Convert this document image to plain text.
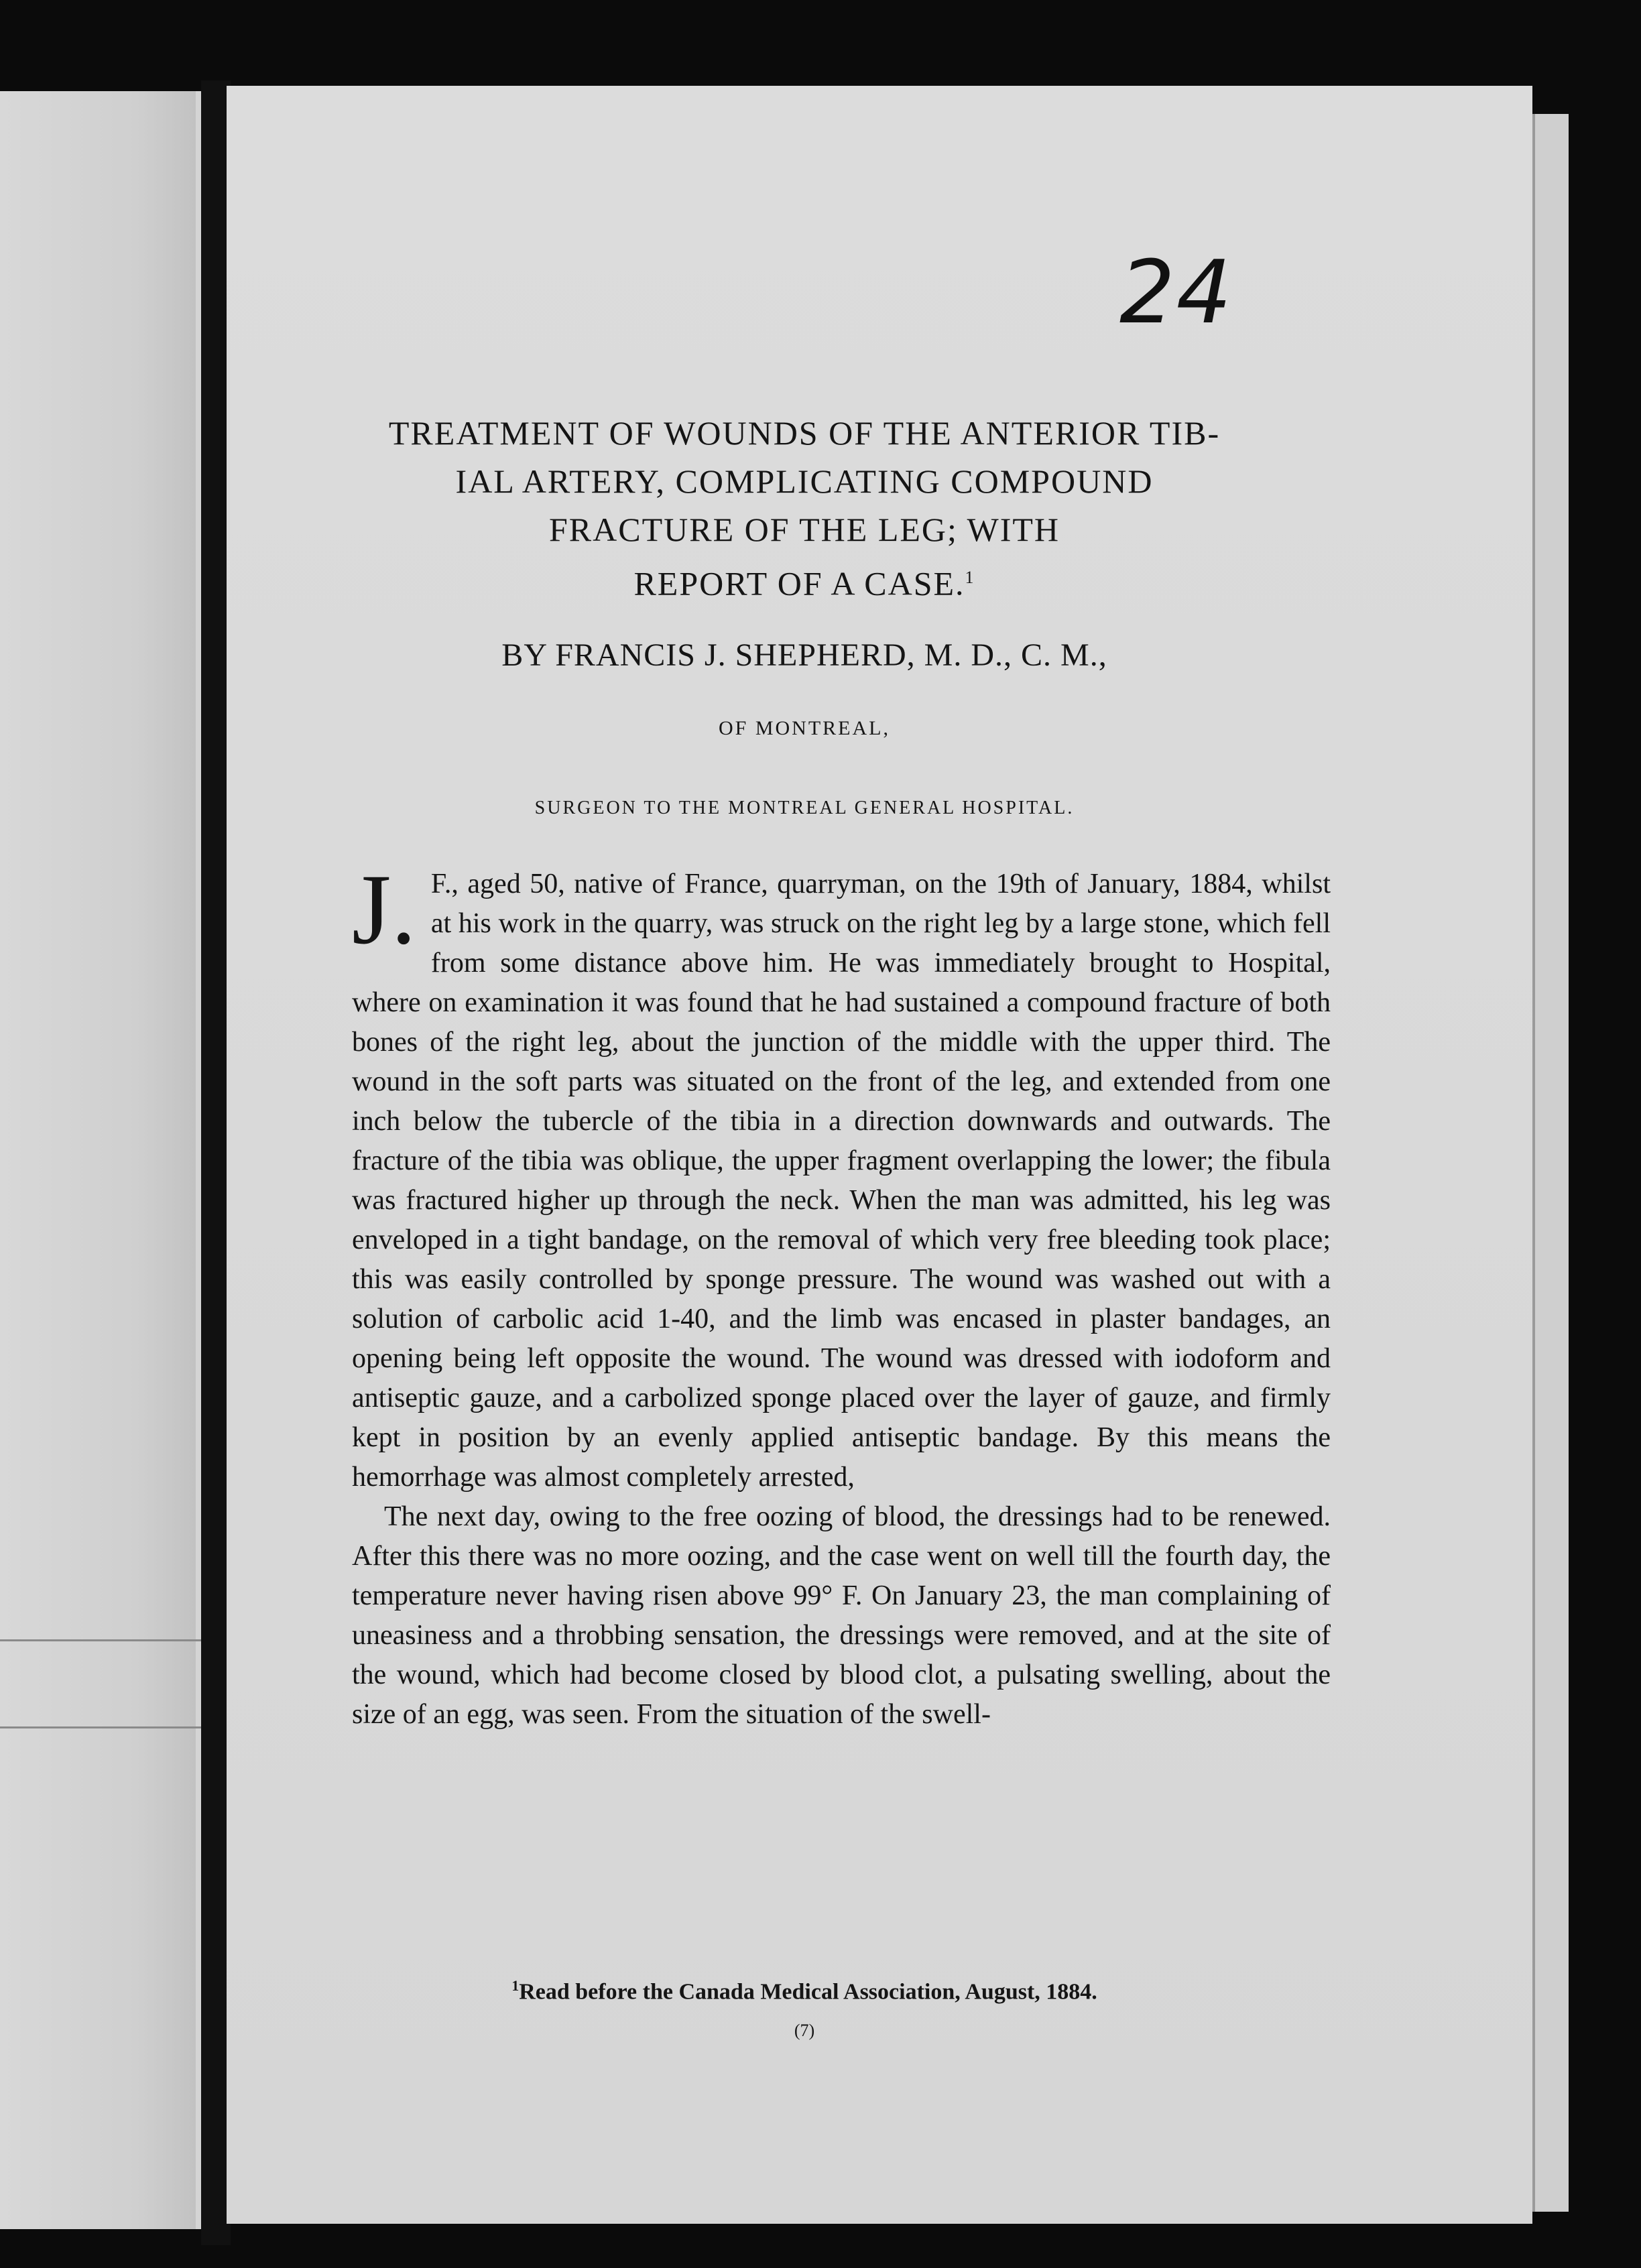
24
TREATMENT OF WOUNDS OF THE ANTERIOR TIB-
IAL ARTERY, COMPLICATING COMPOUND
FRACTURE OF THE LEG; WITH
REPORT OF A CASE.$^1$
BY FRANCIS J. SHEPHERD, M. D., C. M.,
OF MONTREAL,
SURGEON TO THE MONTREAL GENERAL HOSPITAL.

J. F., aged 50, native of France, quarryman, on the 19th of January, 1884, whilst at his work in the quarry, was struck on the right leg by a large stone, which fell from some distance above him. He was immediately brought to Hospital, where on examination it was found that he had sustained a compound fracture of both bones of the right leg, about the junction of the middle with the upper third. The wound in the soft parts was situated on the front of the leg, and extended from one inch below the tubercle of the tibia in a direction downwards and outwards. The fracture of the tibia was oblique, the upper fragment overlapping the lower; the fibula was fractured higher up through the neck. When the man was admitted, his leg was enveloped in a tight bandage, on the removal of which very free bleeding took place; this was easily controlled by sponge pressure. The wound was washed out with a solution of carbolic acid 1-40, and the limb was encased in plaster bandages, an opening being left opposite the wound. The wound was dressed with iodoform and antiseptic gauze, and a carbolized sponge placed over the layer of gauze, and firmly kept in position by an evenly applied antiseptic bandage. By this means the hemorrhage was almost completely arrested,

The next day, owing to the free oozing of blood, the dressings had to be renewed. After this there was no more oozing, and the case went on well till the fourth day, the temperature never having risen above 99° F. On January 23, the man complaining of uneasiness and a throbbing sensation, the dressings were removed, and at the site of the wound, which had become closed by blood clot, a pulsating swelling, about the size of an egg, was seen. From the situation of the swell-

$^1$Read before the Canada Medical Association, August, 1884.
(7)
